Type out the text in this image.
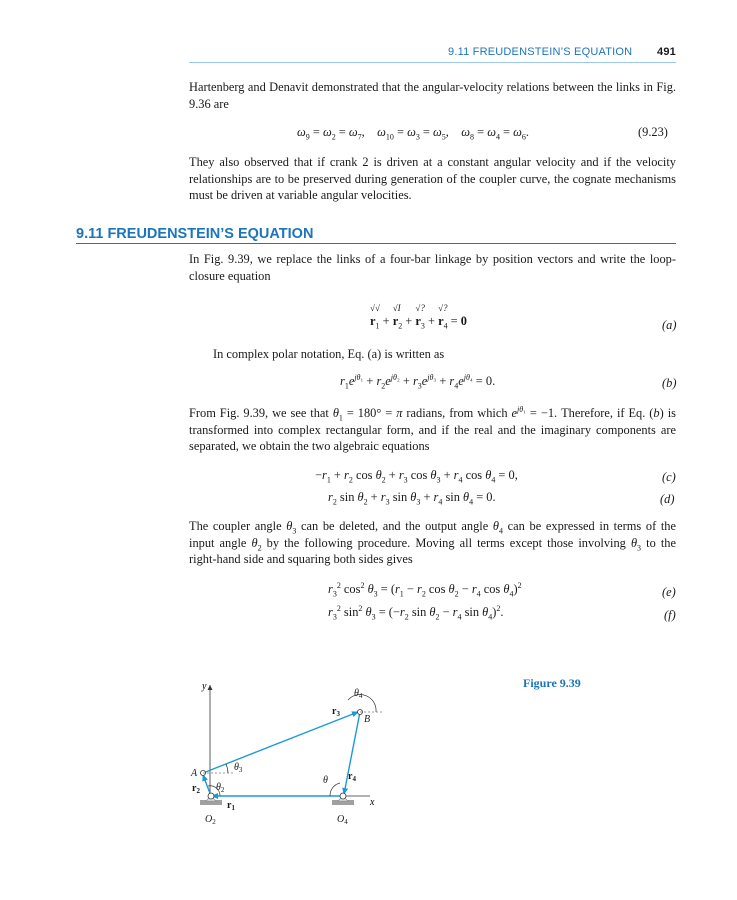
9.11 FREUDENSTEIN’S EQUATION 491
Hartenberg and Denavit demonstrated that the angular-velocity relations between the links in Fig. 9.36 are
$\omega_9 = \omega_2 = \omega_7$,    $\omega_{10} = \omega_3 = \omega_5$,    $\omega_8 = \omega_4 = \omega_6$.	(9.23)
They also observed that if crank 2 is driven at a constant angular velocity and if the velocity relationships are to be preserved during generation of the coupler curve, the cognate mechanisms must be driven at variable angular velocities.
9.11 FREUDENSTEIN’S EQUATION
In Fig. 9.39, we replace the links of a four-bar linkage by position vectors and write the loop-closure equation
√√
$r_1$ +
√I
$r_2$ +
√?
$r_3$ +
√?
$r_4 = 0$	(a)
In complex polar notation, Eq. (a) is written as
$r_1e^{j\theta_1} + r_2e^{j\theta_2} + r_3e^{j\theta_3} + r_4e^{j\theta_4} = 0$.	(b)
From Fig. 9.39, we see that $\theta_1 = 180^\circ = \pi$ radians, from which $e^{j\theta_1} = -1$. Therefore, if Eq. (b) is transformed into complex rectangular form, and if the real and the imaginary components are separated, we obtain the two algebraic equations
$-r_1 + r_2$ $\cos \theta_2 + r_3$ $\cos \theta_3 + r_4$ $\cos \theta_4 = 0$,	(c)
$r_2$ $\sin \theta_2 + r_3$ $\sin \theta_3 + r_4$ $\sin \theta_4 = 0$.	(d)
The coupler angle $\theta_3$ can be deleted, and the output angle $\theta_4$ can be expressed in terms of the input angle $\theta_2$ by the following procedure. Moving all terms except those involving $\theta_3$ to the right-hand side and squaring both sides gives
$r_3^2$ $\cos^2 \theta_3 = (r_1 - r_2$ $\cos \theta_2 - r_4$ $\cos \theta_4)^2$	(e)
$r_3^2$ $\sin^2 \theta_3 = (-r_2$ $\sin \theta_2 - r_4$ $\sin \theta_4)^2$.	(f)
Figure 9.39
y
x
A
B
$O_2$	$O_4$
$r_1$
$r_2$
$r_3$
$r_4$
$\theta_2$
$\theta_3$
$\theta_4$
θ
